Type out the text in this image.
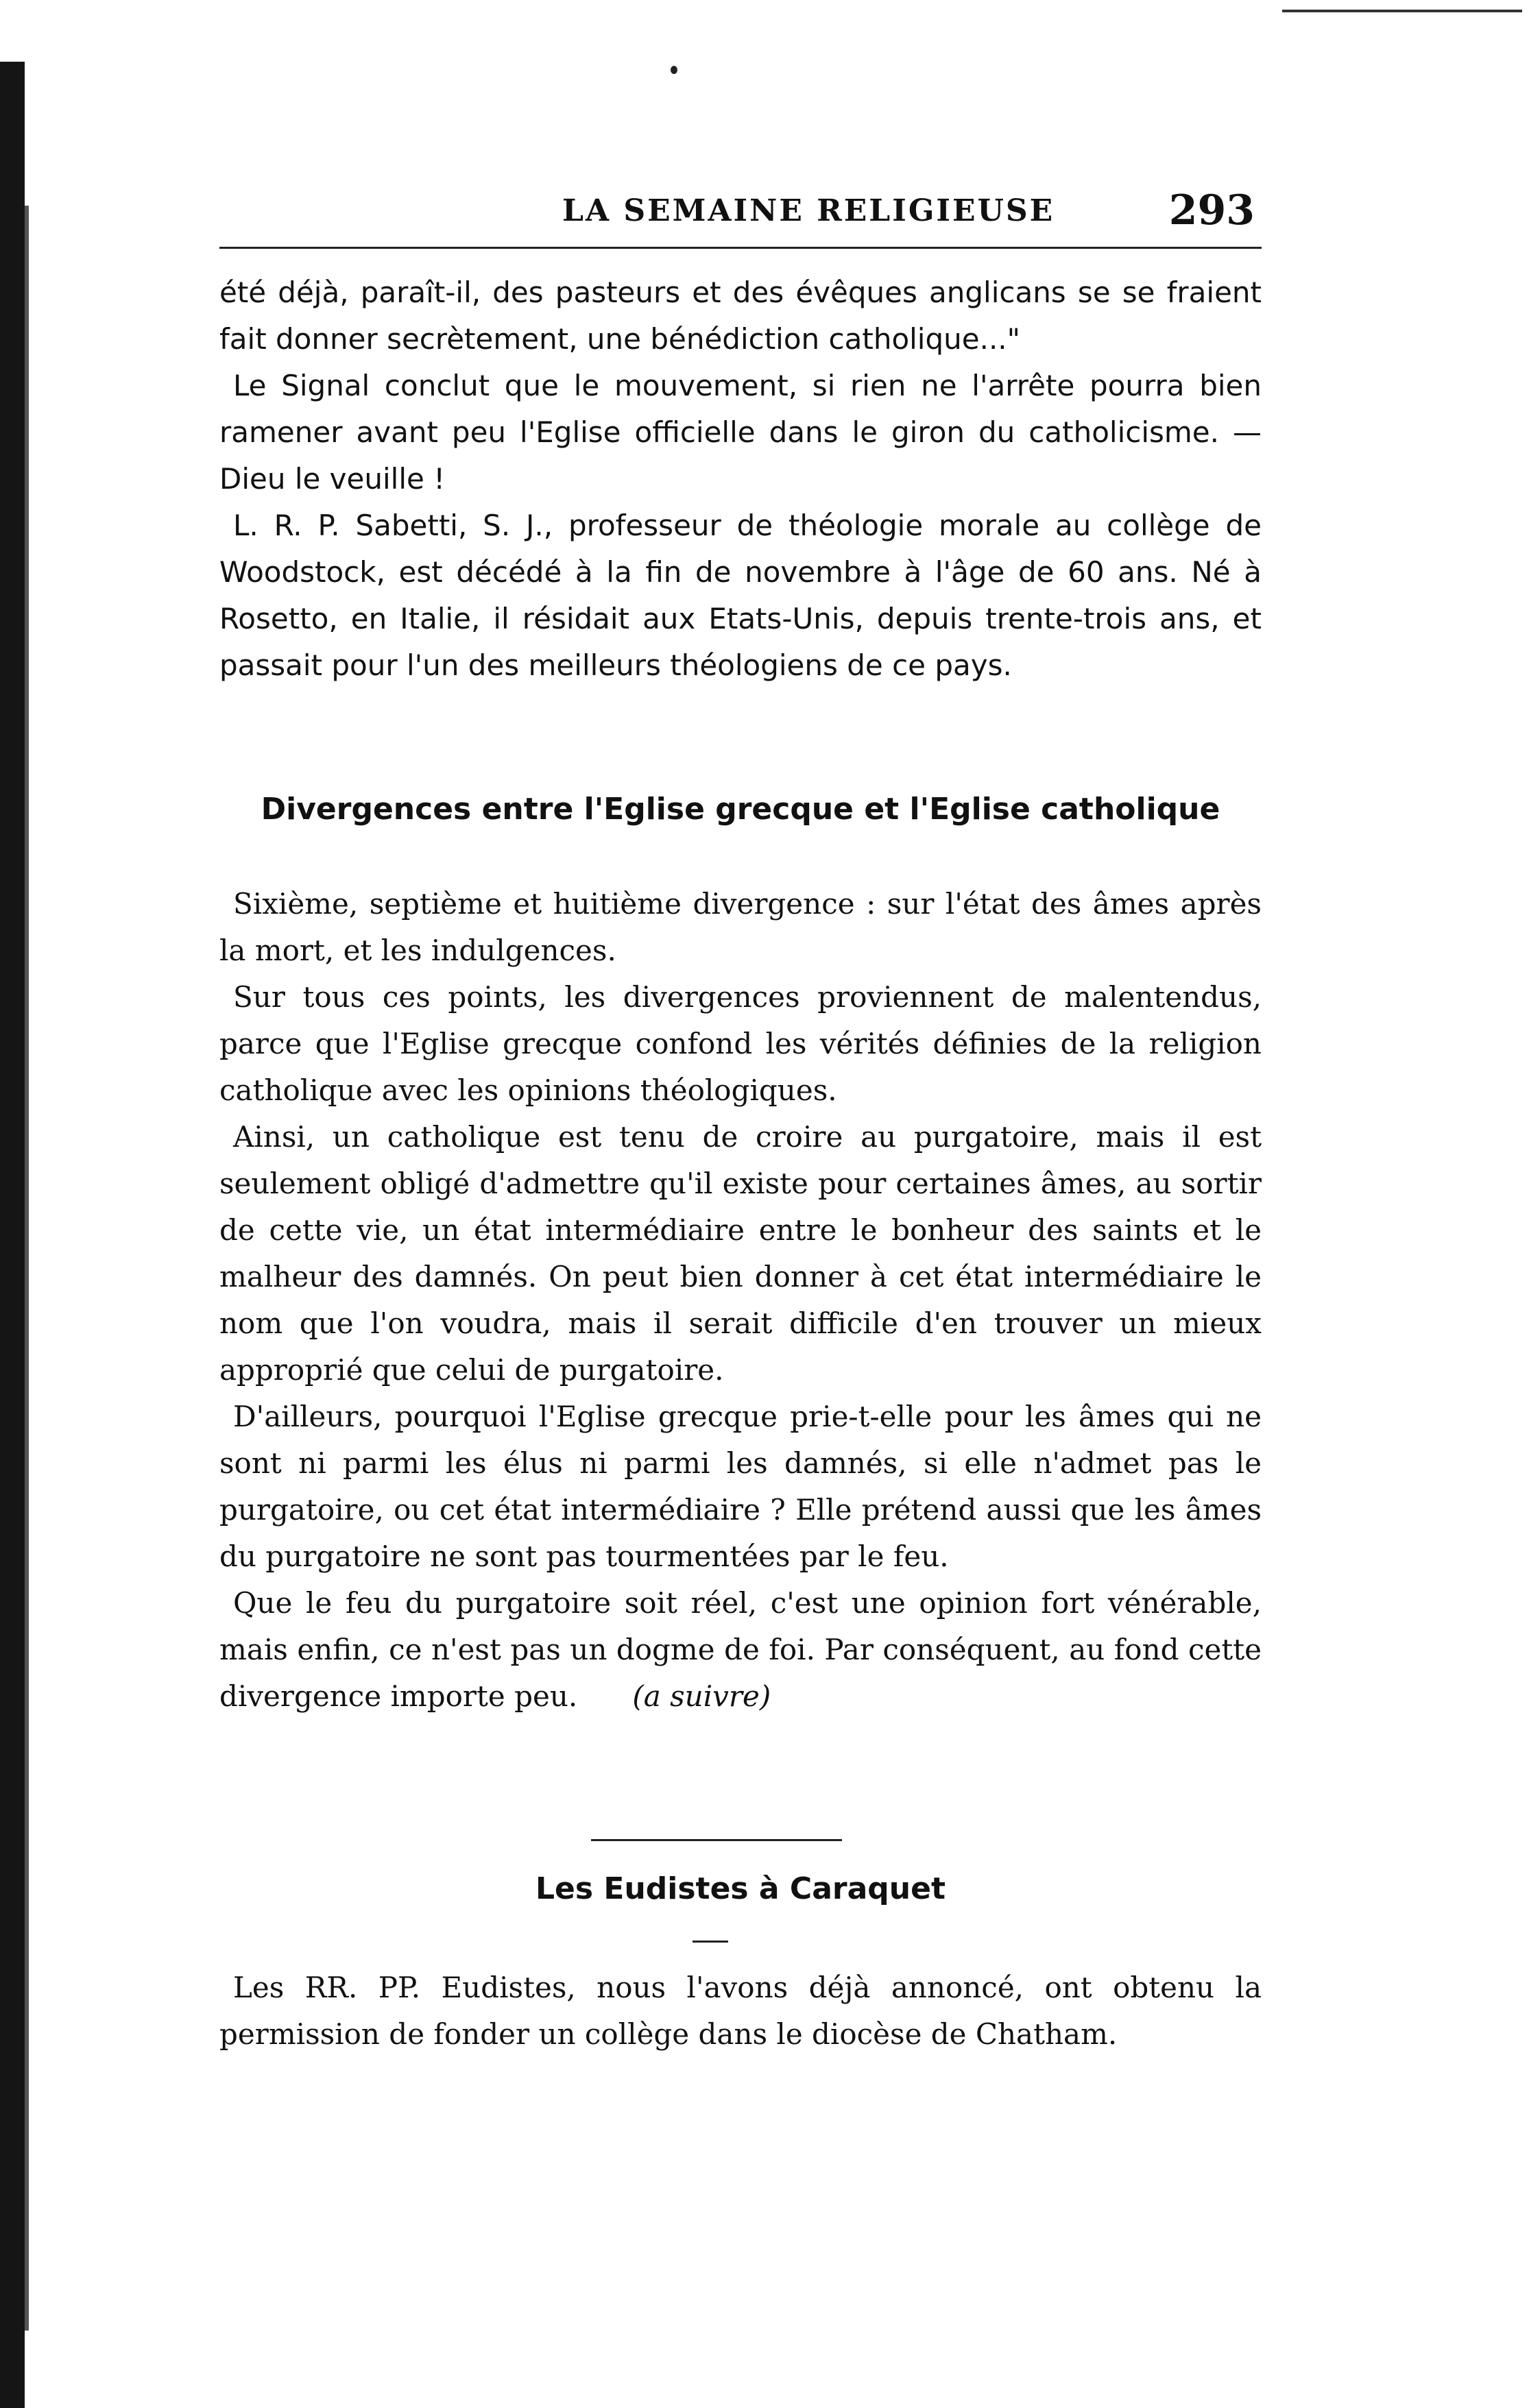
LA SEMAINE RELIGIEUSE	293

été déjà, paraît-il, des pasteurs et des évêques anglicans se se fraient fait donner secrètement, une bénédiction catholique..."

Le Signal conclut que le mouvement, si rien ne l'arrête pourra bien ramener avant peu l'Eglise officielle dans le giron du catholicisme. — Dieu le veuille !

L. R. P. Sabetti, S. J., professeur de théologie morale au collège de Woodstock, est décédé à la fin de novembre à l'âge de 60 ans. Né à Rosetto, en Italie, il résidait aux Etats-Unis, depuis trente-trois ans, et passait pour l'un des meilleurs théologiens de ce pays.

Divergences entre l'Eglise grecque et l'Eglise catholique

Sixième, septième et huitième divergence : sur l'état des âmes après la mort, et les indulgences.

Sur tous ces points, les divergences proviennent de malentendus, parce que l'Eglise grecque confond les vérités définies de la religion catholique avec les opinions théologiques.

Ainsi, un catholique est tenu de croire au purgatoire, mais il est seulement obligé d'admettre qu'il existe pour certaines âmes, au sortir de cette vie, un état intermédiaire entre le bonheur des saints et le malheur des damnés. On peut bien donner à cet état intermédiaire le nom que l'on voudra, mais il serait difficile d'en trouver un mieux approprié que celui de purgatoire.

D'ailleurs, pourquoi l'Eglise grecque prie-t-elle pour les âmes qui ne sont ni parmi les élus ni parmi les damnés, si elle n'admet pas le purgatoire, ou cet état intermédiaire ? Elle prétend aussi que les âmes du purgatoire ne sont pas tourmentées par le feu.

Que le feu du purgatoire soit réel, c'est une opinion fort vénérable, mais enfin, ce n'est pas un dogme de foi. Par conséquent, au fond cette divergence importe peu. (a suivre)

Les Eudistes à Caraquet

Les RR. PP. Eudistes, nous l'avons déjà annoncé, ont obtenu la permission de fonder un collège dans le diocèse de Chatham.
